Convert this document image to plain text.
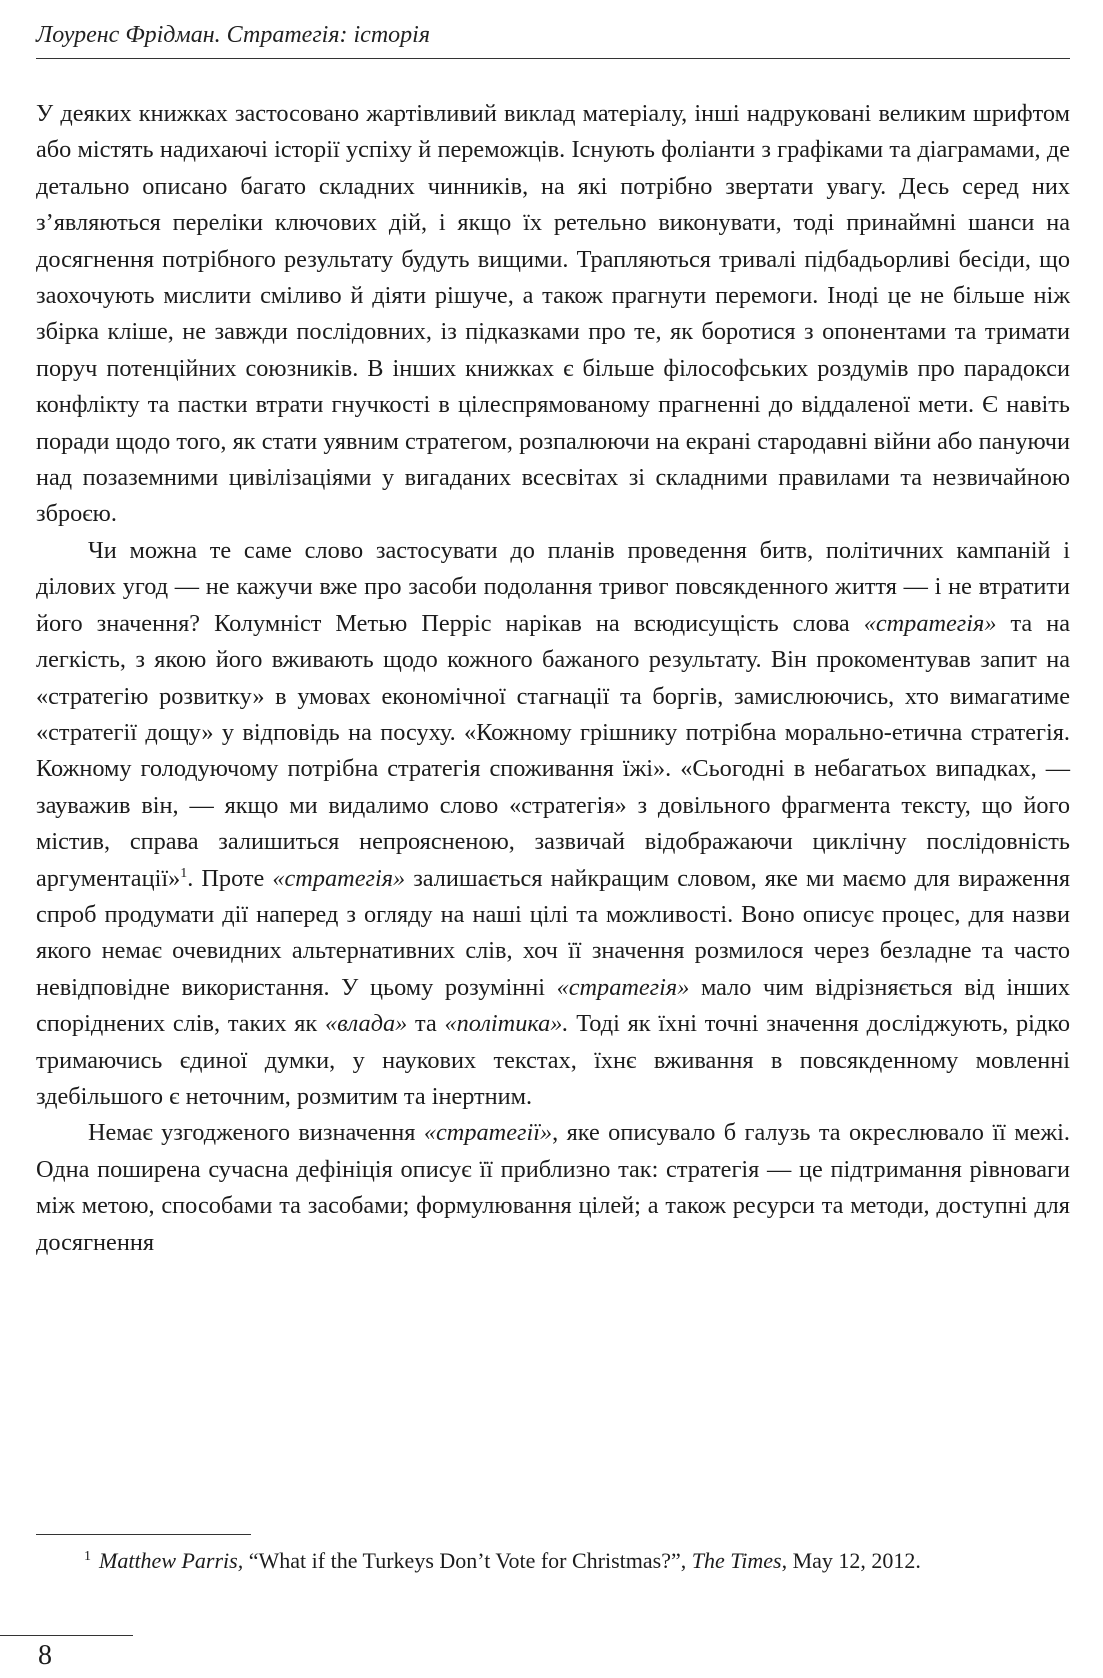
Лоуренс Фрідман. Стратегія: історія

У деяких книжках застосовано жартівливий виклад матеріалу, інші надруковані великим шрифтом або містять надихаючі історії успіху й переможців. Існують фоліанти з графіками та діаграмами, де детально описано багато складних чинників, на які потрібно звертати увагу. Десь серед них з’являються переліки ключових дій, і якщо їх ретельно виконувати, тоді принаймні шанси на досягнення потрібного результату будуть вищими. Трапляються тривалі підбадьорливі бесіди, що заохочують мислити сміливо й діяти рішуче, а також прагнути перемоги. Іноді це не більше ніж збірка кліше, не завжди послідовних, із підказками про те, як боротися з опонентами та тримати поруч потенційних союзників. В інших книжках є більше філософських роздумів про парадокси конфлікту та пастки втрати гнучкості в цілеспрямованому прагненні до віддаленої мети. Є навіть поради щодо того, як стати уявним стратегом, розпалюючи на екрані стародавні війни або пануючи над позаземними цивілізаціями у вигаданих всесвітах зі складними правилами та незвичайною зброєю.

Чи можна те саме слово застосувати до планів проведення битв, політичних кампаній і ділових угод — не кажучи вже про засоби подолання тривог повсякденного життя — і не втратити його значення? Колумніст Метью Перріс нарікав на всюдисущість слова «стратегія» та на легкість, з якою його вживають щодо кожного бажаного результату. Він прокоментував запит на «стратегію розвитку» в умовах економічної стагнації та боргів, замислюючись, хто вимагатиме «стратегії дощу» у відповідь на посуху. «Кожному грішнику потрібна морально-етична стратегія. Кожному голодуючому потрібна стратегія споживання їжі». «Сьогодні в небагатьох випадках, — зауважив він, — якщо ми видалимо слово «стратегія» з довільного фрагмента тексту, що його містив, справа залишиться непроясненою, зазвичай відображаючи циклічну послідовність аргументації»$^1$. Проте «стратегія» залишається найкращим словом, яке ми маємо для вираження спроб продумати дії наперед з огляду на наші цілі та можливості. Воно описує процес, для назви якого немає очевидних альтернативних слів, хоч її значення розмилося через безладне та часто невідповідне використання. У цьому розумінні «стратегія» мало чим відрізняється від інших споріднених слів, таких як «влада» та «політика». Тоді як їхні точні значення досліджують, рідко тримаючись єдиної думки, у наукових текстах, їхнє вживання в повсякденному мовленні здебільшого є неточним, розмитим та інертним.

Немає узгодженого визначення «стратегії», яке описувало б галузь та окреслювало її межі. Одна поширена сучасна дефініція описує її приблизно так: стратегія — це підтримання рівноваги між метою, способами та засобами; формулювання цілей; а також ресурси та методи, доступні для досягнення

1 Matthew Parris, “What if the Turkeys Don’t Vote for Christmas?”, The Times, May 12, 2012.
8
